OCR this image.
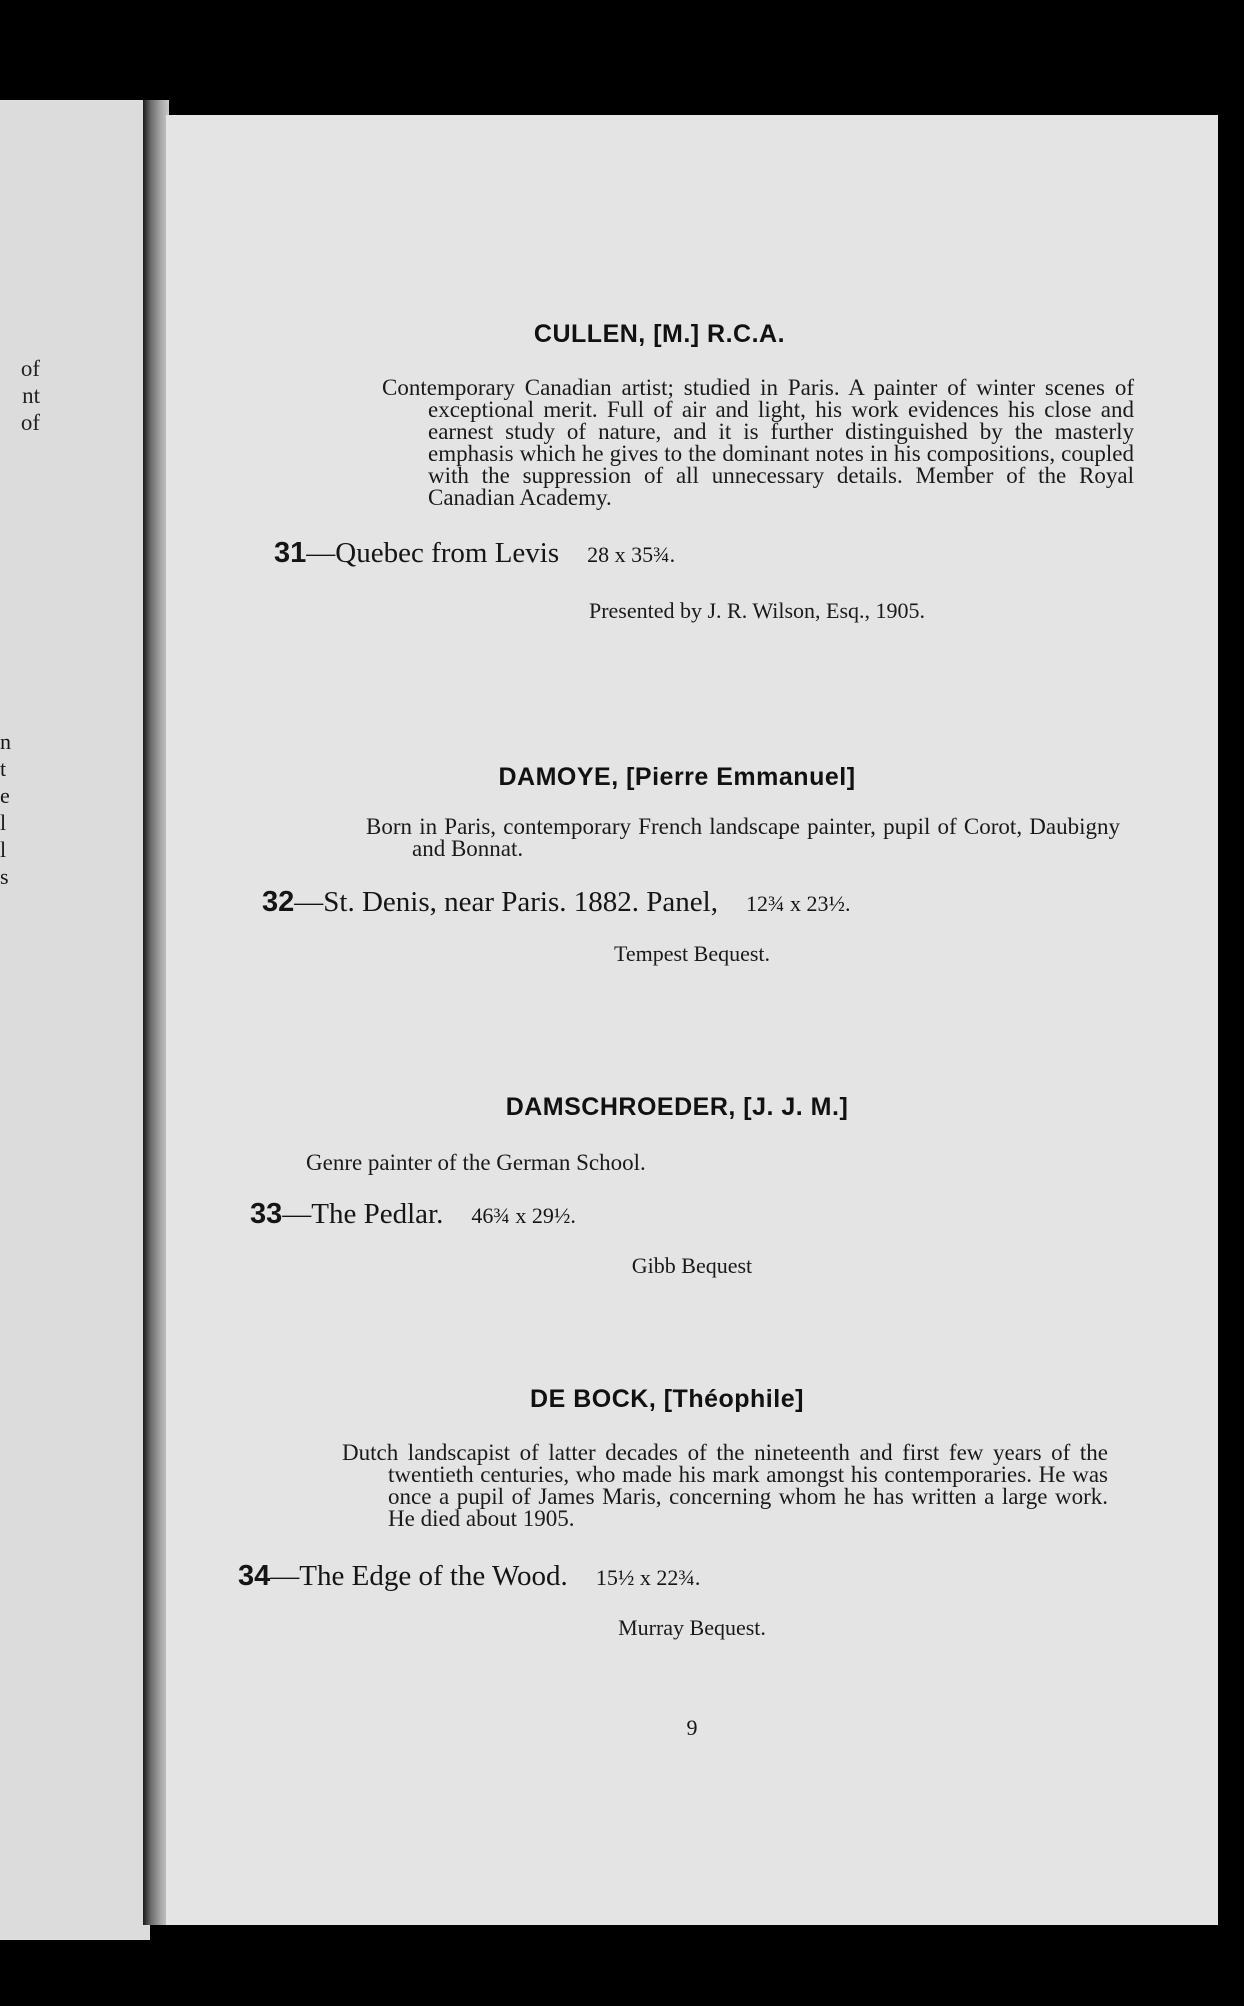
of
nt
of
n
t
e
l
l
s
CULLEN, [M.] R.C.A.
Contemporary Canadian artist; studied in Paris. A painter of winter scenes of exceptional merit. Full of air and light, his work evidences his close and earnest study of nature, and it is further distinguished by the masterly emphasis which he gives to the dominant notes in his compositions, coupled with the suppression of all unnecessary details. Member of the Royal Canadian Academy.
31—Quebec from Levis 28 x 35¾.
Presented by J. R. Wilson, Esq., 1905.
DAMOYE, [Pierre Emmanuel]
Born in Paris, contemporary French landscape painter, pupil of Corot, Daubigny and Bonnat.
32—St. Denis, near Paris. 1882. Panel, 12¾ x 23½.
Tempest Bequest.
DAMSCHROEDER, [J. J. M.]
Genre painter of the German School.
33—The Pedlar. 46¾ x 29½.
Gibb Bequest
DE BOCK, [Théophile]
Dutch landscapist of latter decades of the nineteenth and first few years of the twentieth centuries, who made his mark amongst his contemporaries. He was once a pupil of James Maris, concerning whom he has written a large work. He died about 1905.
34—The Edge of the Wood. 15½ x 22¾.
Murray Bequest.
9
